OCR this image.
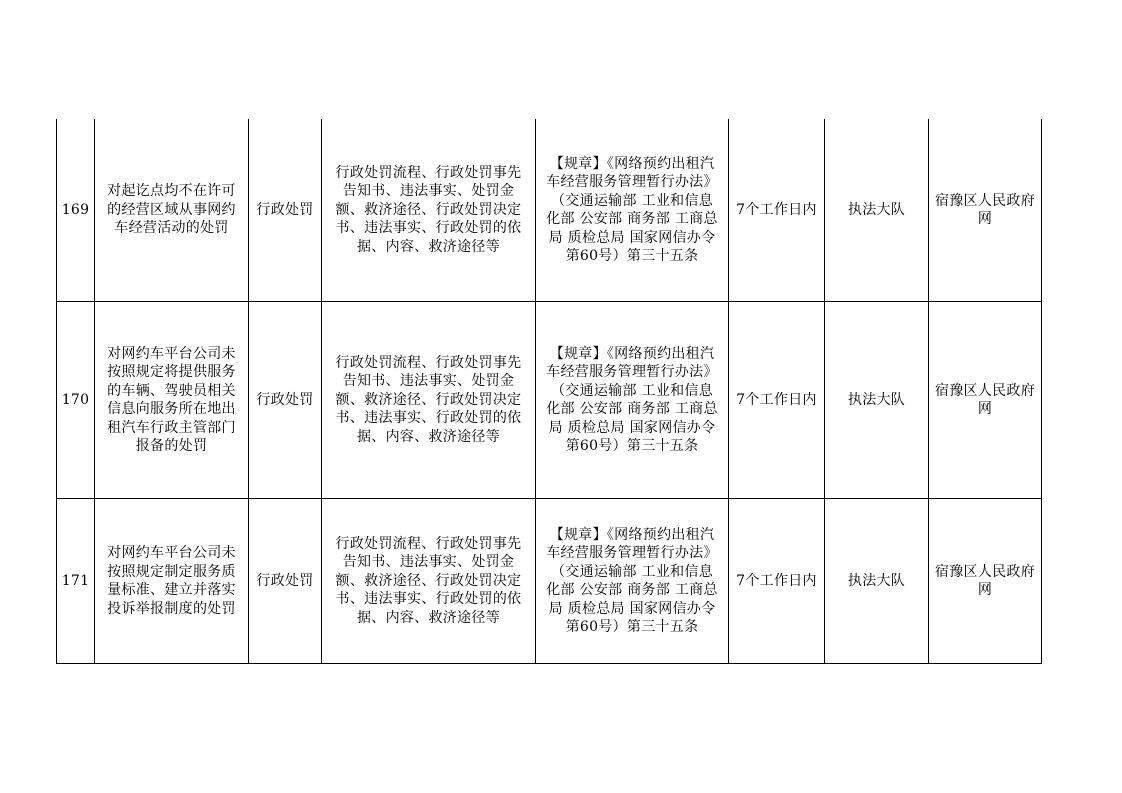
169	对起讫点均不在许可的经营区域从事网约车经营活动的处罚	行政处罚	行政处罚流程、行政处罚事先告知书、违法事实、处罚金额、救济途径、行政处罚决定书、违法事实、行政处罚的依据、内容、救济途径等	【规章】《网络预约出租汽车经营服务管理暂行办法》（交通运输部 工业和信息化部 公安部 商务部 工商总局 质检总局 国家网信办令第60号）第三十五条	7个工作日内	执法大队	宿豫区人民政府网
170	对网约车平台公司未按照规定将提供服务的车辆、驾驶员相关信息向服务所在地出租汽车行政主管部门报备的处罚	行政处罚	行政处罚流程、行政处罚事先告知书、违法事实、处罚金额、救济途径、行政处罚决定书、违法事实、行政处罚的依据、内容、救济途径等	【规章】《网络预约出租汽车经营服务管理暂行办法》（交通运输部 工业和信息化部 公安部 商务部 工商总局 质检总局 国家网信办令第60号）第三十五条	7个工作日内	执法大队	宿豫区人民政府网
171	对网约车平台公司未按照规定制定服务质量标准、建立并落实投诉举报制度的处罚	行政处罚	行政处罚流程、行政处罚事先告知书、违法事实、处罚金额、救济途径、行政处罚决定书、违法事实、行政处罚的依据、内容、救济途径等	【规章】《网络预约出租汽车经营服务管理暂行办法》（交通运输部 工业和信息化部 公安部 商务部 工商总局 质检总局 国家网信办令第60号）第三十五条	7个工作日内	执法大队	宿豫区人民政府网
